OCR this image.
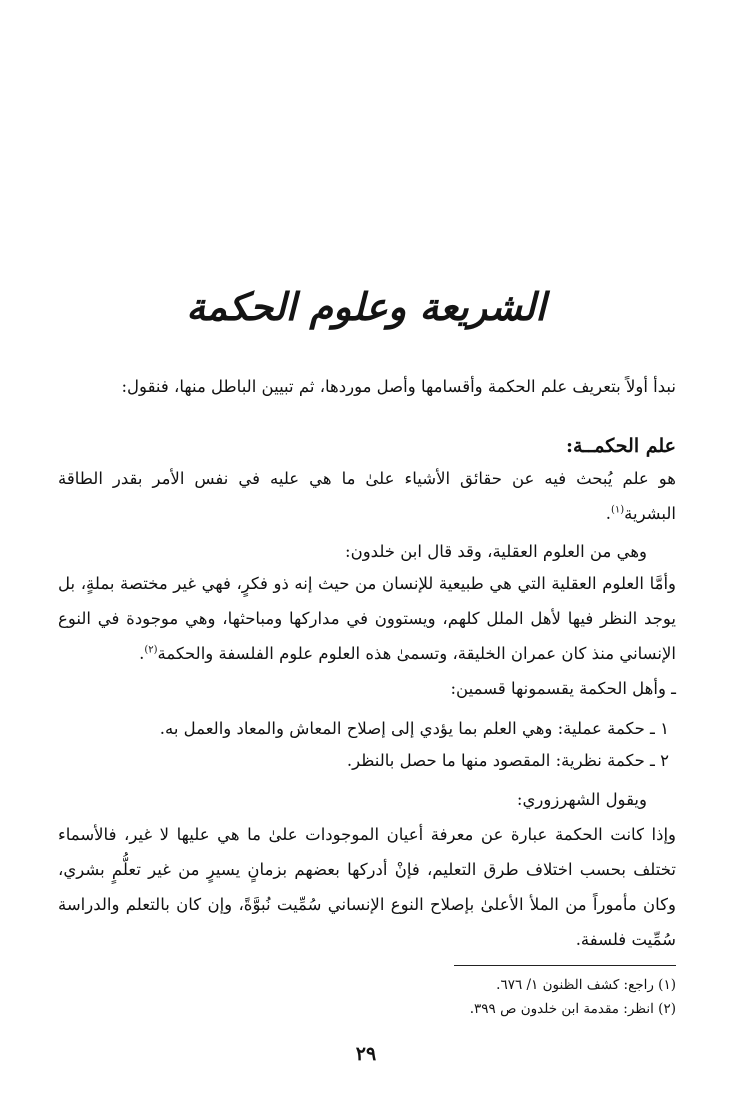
الشريعة وعلوم الحكمة

نبدأ أولاً بتعريف علم الحكمة وأقسامها وأصل موردها، ثم تبيين الباطل منها، فنقول:

علم الحكمــة:

هو علم يُبحث فيه عن حقائق الأشياء علىٰ ما هي عليه في نفس الأمر بقدر الطاقة البشرية$^{(١)}$.

وهي من العلوم العقلية، وقد قال ابن خلدون:

وأمَّا العلوم العقلية التي هي طبيعية للإنسان من حيث إنه ذو فكرٍ، فهي غير مختصة بملةٍ، بل يوجد النظر فيها لأهل الملل كلهم، ويستوون في مداركها ومباحثها، وهي موجودة في النوع الإنساني منذ كان عمران الخليقة، وتسمىٰ هذه العلوم علوم الفلسفة والحكمة$^{(٢)}$.

ـ وأهل الحكمة يقسمونها قسمين:

١ ـ حكمة عملية: وهي العلم بما يؤدي إلى إصلاح المعاش والمعاد والعمل به.

٢ ـ حكمة نظرية: المقصود منها ما حصل بالنظر.

ويقول الشهرزوري:

وإذا كانت الحكمة عبارة عن معرفة أعيان الموجودات علىٰ ما هي عليها لا غير، فالأسماء تختلف بحسب اختلاف طرق التعليم، فإنْ أدركها بعضهم بزمانٍ يسيرٍ من غير تعلُّمٍ بشري، وكان مأموراً من الملأ الأعلىٰ بإصلاح النوع الإنساني سُمِّيت نُبوَّةً، وإن كان بالتعلم والدراسة سُمِّيت فلسفة.

(١) راجع: كشف الظنون ١/ ٦٧٦.

(٢) انظر: مقدمة ابن خلدون ص ٣٩٩.

٢٩
